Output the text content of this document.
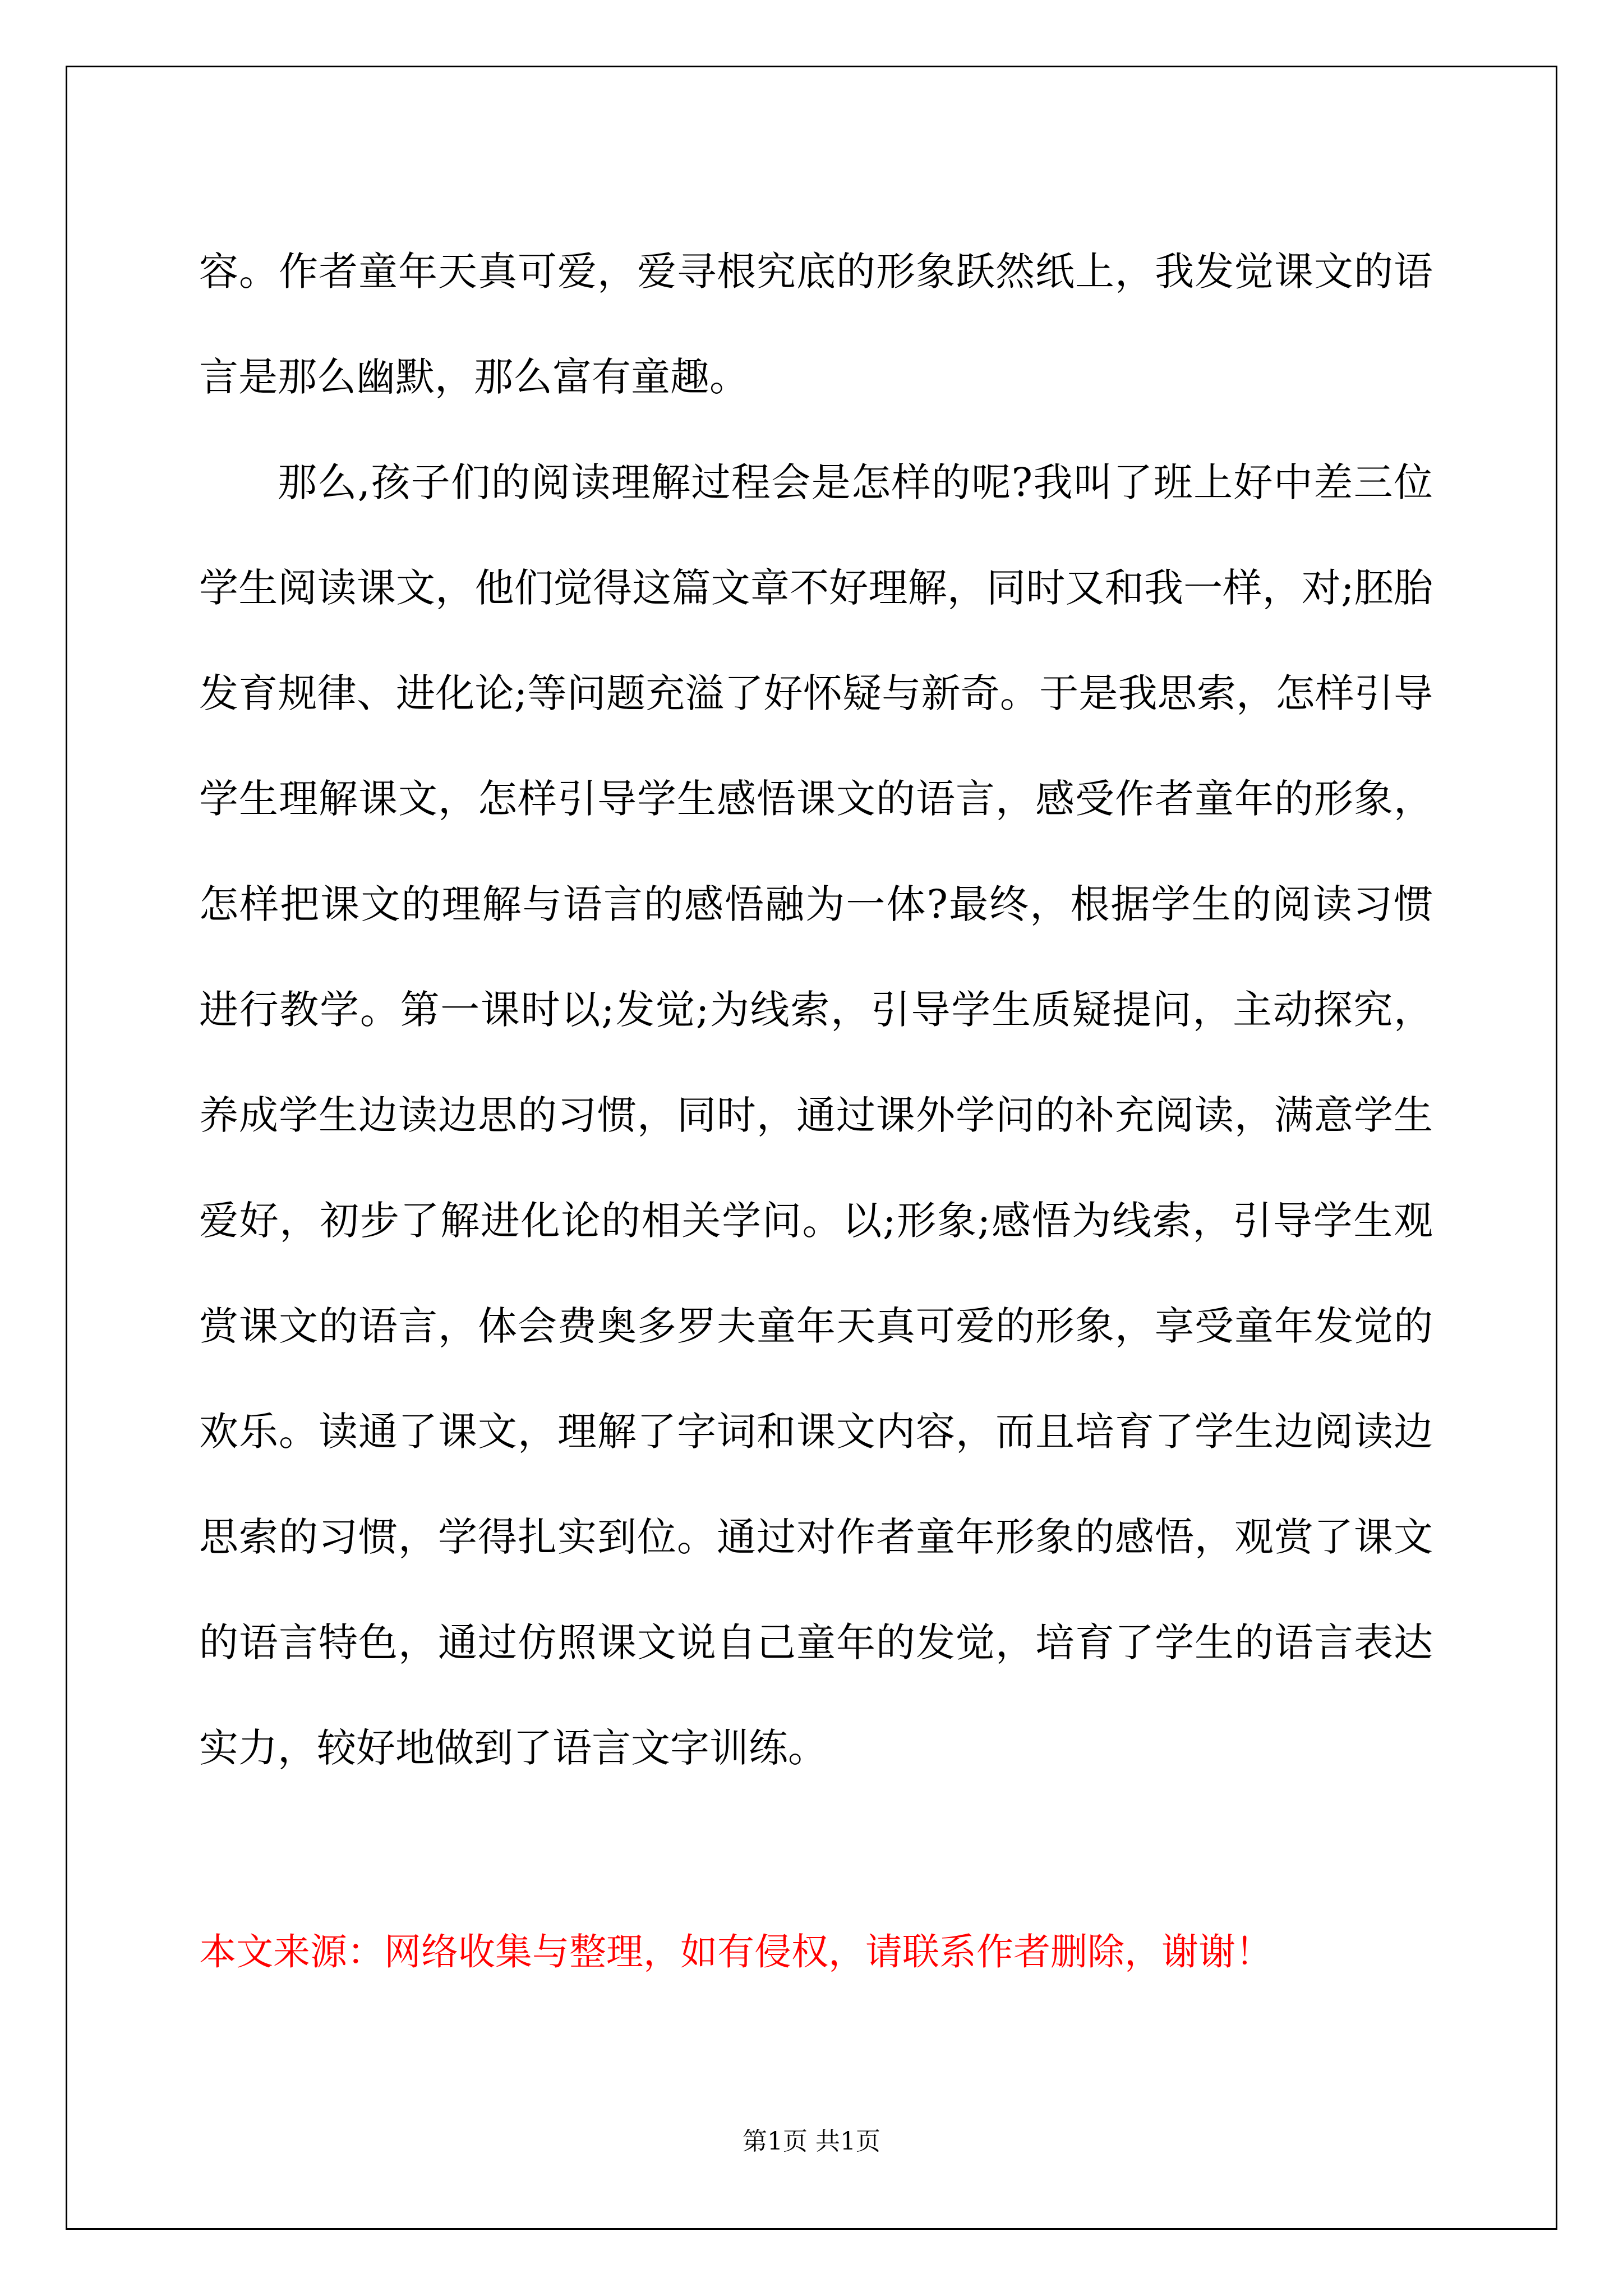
容。作者童年天真可爱，爱寻根究底的形象跃然纸上，我发觉课文的语言是那么幽默，那么富有童趣。

那么,孩子们的阅读理解过程会是怎样的呢?我叫了班上好中差三位学生阅读课文，他们觉得这篇文章不好理解，同时又和我一样，对;胚胎发育规律、进化论;等问题充溢了好怀疑与新奇。于是我思索，怎样引导学生理解课文，怎样引导学生感悟课文的语言，感受作者童年的形象，怎样把课文的理解与语言的感悟融为一体?最终，根据学生的阅读习惯进行教学。第一课时以;发觉;为线索，引导学生质疑提问，主动探究，养成学生边读边思的习惯，同时，通过课外学问的补充阅读，满意学生爱好，初步了解进化论的相关学问。以;形象;感悟为线索，引导学生观赏课文的语言，体会费奥多罗夫童年天真可爱的形象，享受童年发觉的欢乐。读通了课文，理解了字词和课文内容，而且培育了学生边阅读边思索的习惯，学得扎实到位。通过对作者童年形象的感悟，观赏了课文的语言特色，通过仿照课文说自己童年的发觉，培育了学生的语言表达实力，较好地做到了语言文字训练。

本文来源：网络收集与整理，如有侵权，请联系作者删除，谢谢！
第1页 共1页
